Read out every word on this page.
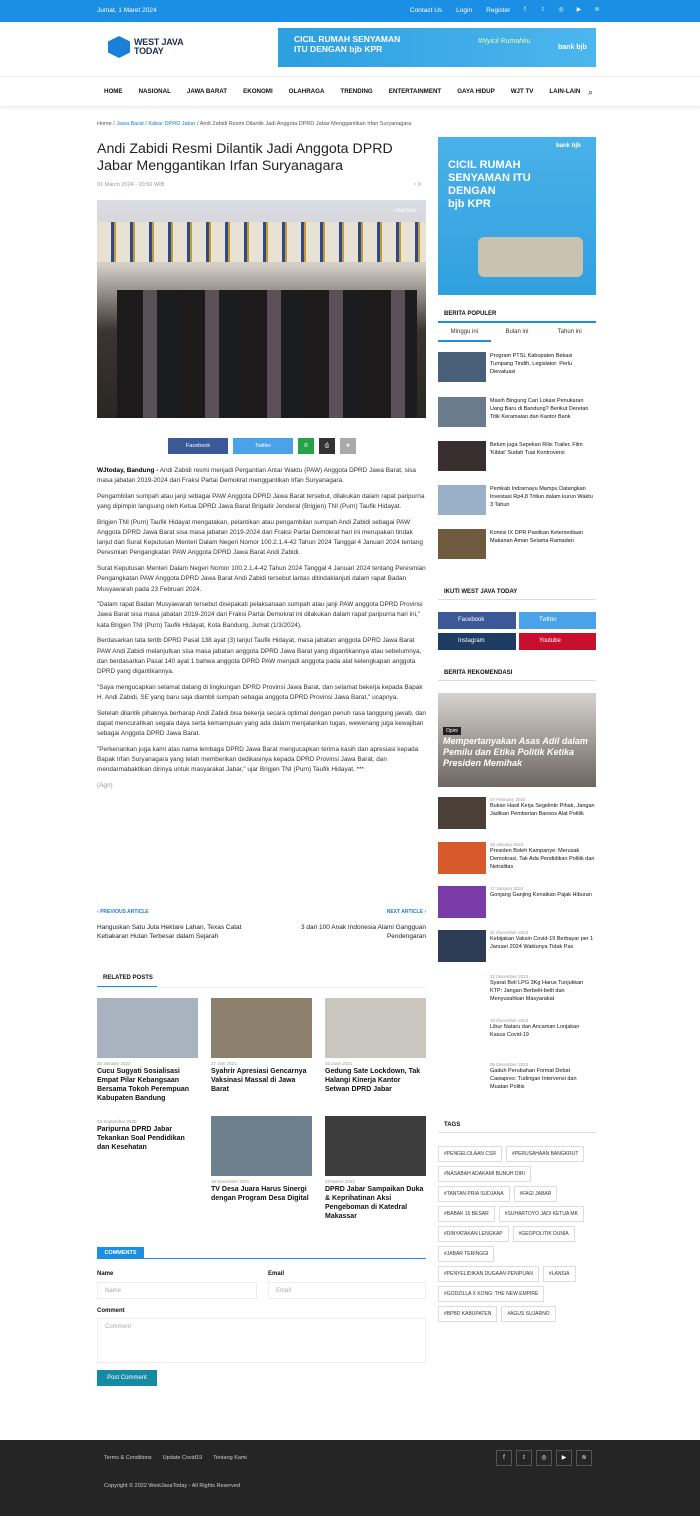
Jumat, 1 Maret 2024	Contact Us Login Register	f	t	◎	▶	≋
WEST JAVA
TODAY
CICIL RUMAH SENYAMAN
ITU DENGAN bjb KPR
#Nyicil Rumahku
bank bjb
HOME	NASIONAL	JAWA BARAT	EKONOMI	OLAHRAGA	TRENDING	ENTERTAINMENT	GAYA HIDUP	WJT TV	LAIN-LAIN ⌕
Home / Jawa Barat / Kabar DPRD Jabar / Andi Zabidi Resmi Dilantik Jadi Anggota DPRD Jabar Menggantikan Irfan Suryanagara
Andi Zabidi Resmi Dilantik Jadi Anggota DPRD Jabar Menggantikan Irfan Suryanagara
01 March 2024 - 20:50 WIB	◔ 0
Lihat Foto
Facebook	Twitter	✆	⎙	★

WJtoday, Bandung - Andi Zabidi resmi menjadi Pergantian Antar Waktu (PAW) Anggota DPRD Jawa Barat, sisa masa jabatan 2019-2024 dari Fraksi Partai Demokrat menggantikan Irfan Suryanagara.

Pengambilan sumpah atau janji sebagai PAW Anggota DPRD Jawa Barat tersebut, dilakukan dalam rapat paripurna yang dipimpin langsung oleh Ketua DPRD Jawa Barat Brigadir Jenderal (Brigjen) TNI (Purn) Taufik Hidayat.

Brigjen TNI (Purn) Taufik Hidayat mengatakan, pelantikan atau pengambilan sumpah Andi Zabidi sebagai PAW Anggota DPRD Jawa Barat sisa masa jabatan 2019-2024 dari Fraksi Partai Demokrat hari ini merupakan tindak lanjut dari Surat Keputusan Menteri Dalam Negeri Nomor 100.2.1.4-42 Tahun 2024 Tanggal 4 Januari 2024 tentang Peresmian Pengangkatan PAW Anggota DPRD Jawa Barat Andi Zabidi.

Surat Keputusan Menteri Dalam Negeri Nomor 100.2.1.4-42 Tahun 2024 Tanggal 4 Januari 2024 tentang Peresmian Pengangkatan PAW Anggota DPRD Jawa Barat Andi Zabidi tersebut lantas ditindaklanjuti dalam rapat Badan Musyawarah pada 23 Februari 2024.

"Dalam rapat Badan Musyawarah tersebut disepakati pelaksanaan sumpah atau janji PAW anggota DPRD Provinsi Jawa Barat sisa masa jabatan 2019-2024 dari Fraksi Partai Demokrat ini dilakukan dalam rapat paripurna hari ini," kata Brigjen TNI (Purn) Taufik Hidayat, Kota Bandung, Jumat (1/3/2024).

Berdasarkan tata tertib DPRD Pasal 138 ayat (3) lanjut Taufik Hidayat, masa jabatan anggota DPRD Jawa Barat PAW Andi Zabidi melanjutkan sisa masa jabatan anggota DPRD Jawa Barat yang digantikannya atau sebelumnya, dan berdasarkan Pasal 140 ayat 1 bahwa anggota DPRD PAW menjadi anggota pada alat kelengkapan anggota DPRD yang digantikannya.

"Saya mengucapkan selamat datang di lingkungan DPRD Provinsi Jawa Barat, dan selamat bekerja kepada Bapak H. Andi Zabidi, SE yang baru saja diambil sumpah sebagai anggota DPRD Provinsi Jawa Barat," ucapnya.

Setelah dilantik pihaknya berharap Andi Zabidi bisa bekerja secara optimal dengan penuh rasa tanggung jawab, dan dapat mencurahkan segala daya serta kemampuan yang ada dalam menjalankan tugas, wewenang juga kewajiban sebagai Anggota DPRD Jawa Barat.

"Perkenankan juga kami atas nama lembaga DPRD Jawa Barat mengucapkan terima kasih dan apresiasi kepada Bapak Irfan Suryanagara yang telah memberikan dedikasinya kepada DPRD Provinsi Jawa Barat, dan mendarmabaktikan dirinya untuk masyarakat Jabar," ujar Brigjen TNI (Purn) Taufik Hidayat. ***

(Agn)

‹ PREVIOUS ARTICLE
Hanguskan Satu Juta Hektare Lahan, Texas Catat Kebakaran Hutan Terbesar dalam Sejarah
NEXT ARTICLE ›
3 dari 100 Anak Indonesia Alami Gangguan Pendengaran
RELATED POSTS
20 January 2022
Cucu Sugyati Sosialisasi Empat Pilar Kebangsaan Bersama Tokoh Perempuan Kabupaten Bandung
27 July 2021
Syahrir Apresiasi Gencarnya Vaksinasi Massal di Jawa Barat
03 June 2021
Gedung Sate Lockdown, Tak Halangi Kinerja Kantor Setwan DPRD Jabar
23 September 2020
Paripurna DPRD Jabar Tekankan Soal Pendidikan dan Kesehatan
16 November 2021
TV Desa Juara Harus Sinergi dengan Program Desa Digital
29 March 2021
DPRD Jabar Sampaikan Duka & Keprihatinan Aksi Pengeboman di Katedral Makassar
COMMENTS
Name
Name
Email
Email
Comment
Comment
Post Comment
bank bjb
CICIL RUMAH
SENYAMAN ITU
DENGAN
bjb KPR
BERITA POPULER
Minggu ini	Bulan ini	Tahun ini
Program PTSL Kabupaten Bekasi Tumpang Tindih, Legislator: Perlu Dievaluasi
Masih Bingung Cari Lokasi Penukaran Uang Baru di Bandung? Berikut Deretan Titik Keramaian dan Kantor Bank
Belum juga Sepekan Rilis Trailer, Film 'Kiblat' Sudah Tuai Kontroversi
Pemkab Indramayu Mampu Datangkan Investasi Rp4,8 Triliun dalam kurun Waktu 3 Tahun
Komisi IX DPR Pastikan Ketersediaan Makanan Aman Selama Ramadan
IKUTI WEST JAVA TODAY
Facebook	Twitter
Instagram	Youtube
BERITA REKOMENDASI
Opini
Mempertanyakan Asas Adil dalam Pemilu dan Etika Politik Ketika Presiden Memihak
07 February 2024
Bukan Hasil Kerja Segelintir Pihak, Jangan Jadikan Pemberian Bansos Alat Politik
25 January 2024
Presiden Boleh Kampanye: Merusak Demokrasi, Tak Ada Pendidikan Politik dan Netralitas
17 January 2024
Gonjang Ganjing Kenaikan Pajak Hiburan
31 December 2023
Kebijakan Vaksin Covid-19 Berbayar per 1 Januari 2024 Waktunya Tidak Pas
22 December 2023
Syarat Beli LPG 3Kg Harus Tunjukkan KTP: Jangan Berbelit-belit dan Menyusahkan Masyarakat
18 December 2023
Libur Nataru dan Ancaman Lonjakan Kasus Covid-19
05 December 2023
Gaduh Perubahan Format Debat Cawapres: Tudingan Intervensi dan Muatan Politis
TAGS
#PENGELOLAAN CSR	#PERUSAHAAN BANGKRUT
#NASABAH ADAKAMI BUNUH DIRI
#TANTAN PRIA SUDJANA	#FAGI JABAR
#BABAK 16 BESAR	#SUHARTOYO JADI KETUA MK
#DINYATAKAN LENGKAP	#GEOPOLITIK DUNIA
#JABAR TERINGGI
#PENYELIDIKAN DUGAAN PENIPUAN	#LANSIA
#GODZILLA X KONG: THE NEW EMPIRE
#BPBD KABUPATEN	#AGUS SUJARNO
Terms & Conditions Update Covid19 Tentang Kami	f	t	◎	▶	≋
Copyright © 2022 WestJavaToday - All Rights Reserved
